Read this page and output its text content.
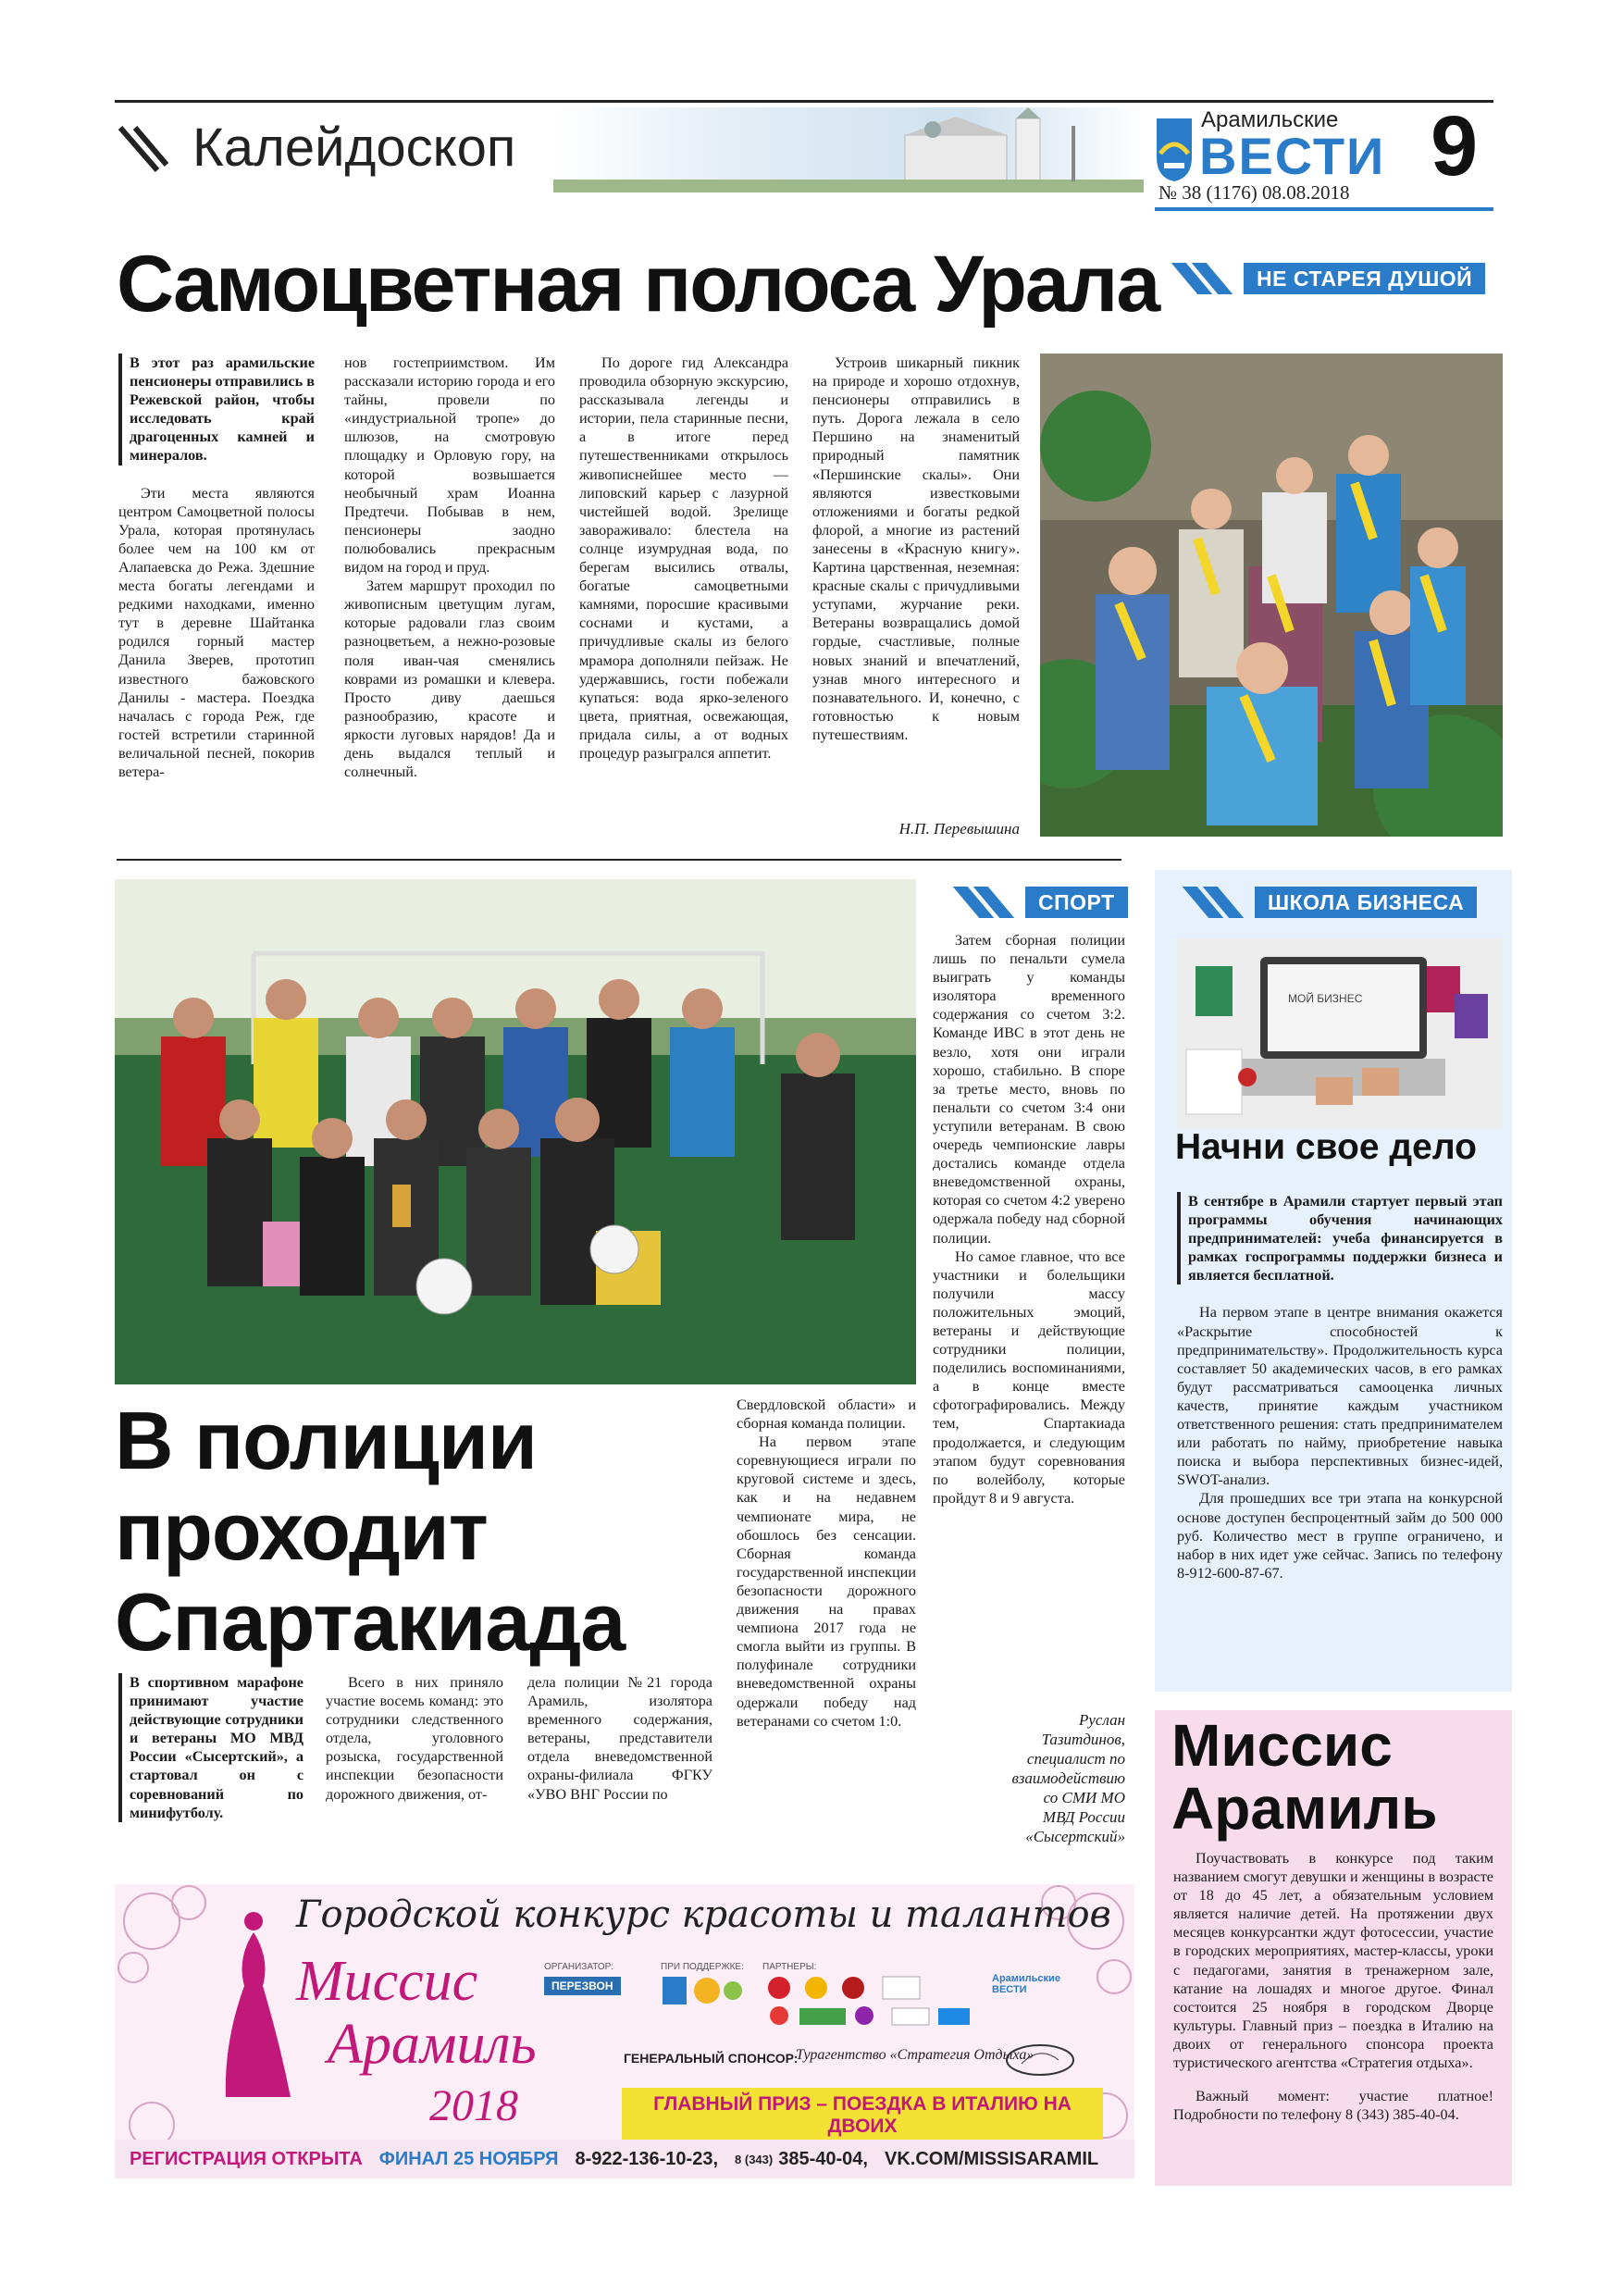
Калейдоскоп	Арамильские
ВЕСТИ 9
№ 38 (1176) 08.08.2018
Самоцветная полоса Урала	НЕ СТАРЕЯ ДУШОЙ

В этот раз арамильские пенсионеры отправились в Режевской район, чтобы исследовать край драгоценных камней и минералов.

Эти места являются центром Самоцветной полосы Урала, которая протянулась более чем на 100 км от Алапаевска до Режа. Здешние места богаты легендами и редкими находками, именно тут в деревне Шайтанка родился горный мастер Данила Зверев, прототип известного бажовского Данилы - мастера. Поездка началась с города Реж, где гостей встретили старинной величальной песней, покорив ветера-

нов гостеприимством. Им рассказали историю города и его тайны, провели по «индустриальной тропе» до шлюзов, на смотровую площадку и Орловую гору, на которой возвышается необычный храм Иоанна Предтечи. Побывав в нем, пенсионеры заодно полюбовались прекрасным видом на город и пруд.

Затем маршрут проходил по живописным цветущим лугам, которые радовали глаз своим разноцветьем, а нежно-розовые поля иван-чая сменялись коврами из ромашки и клевера. Просто диву даешься разнообразию, красоте и яркости луговых нарядов! Да и день выдался теплый и солнечный.

По дороге гид Александра проводила обзорную экскурсию, рассказывала легенды и истории, пела старинные песни, а в итоге перед путешественниками открылось живописнейшее место — липовский карьер с лазурной чистейшей водой. Зрелище завораживало: блестела на солнце изумрудная вода, по берегам высились отвалы, богатые самоцветными камнями, поросшие красивыми соснами и кустами, а причудливые скалы из белого мрамора дополняли пейзаж. Не удержавшись, гости побежали купаться: вода ярко-зеленого цвета, приятная, освежающая, придала силы, а от водных процедур разыгрался аппетит.

Устроив шикарный пикник на природе и хорошо отдохнув, пенсионеры отправились в путь. Дорога лежала в село Першино на знаменитый природный памятник «Першинские скалы». Они являются известковыми отложениями и богаты редкой флорой, а многие из растений занесены в «Красную книгу». Картина царственная, неземная: красные скалы с причудливыми уступами, журчание реки. Ветераны возвращались домой гордые, счастливые, полные новых знаний и впечатлений, узнав много интересного и познавательного. И, конечно, с готовностью к новым путешествиям.

Н.П. Перевышина
СПОРТ

Затем сборная полиции лишь по пенальти сумела выиграть у команды изолятора временного содержания со счетом 3:2. Команде ИВС в этот день не везло, хотя они играли хорошо, стабильно. В споре за третье место, вновь по пенальти со счетом 3:4 они уступили ветеранам. В свою очередь чемпионские лавры достались команде отдела вневедомственной охраны, которая со счетом 4:2 уверено одержала победу над сборной полиции.

Но самое главное, что все участники и болельщики получили массу положительных эмоций, ветераны и действующие сотрудники полиции, поделились воспоминаниями, а в конце вместе сфотографировались. Между тем, Спартакиада продолжается, и следующим этапом будут соревнования по волейболу, которые пройдут 8 и 9 августа.

В полиции
проходит
Спартакиада

Свердловской области» и сборная команда полиции.

На первом этапе соревнующиеся играли по круговой системе и здесь, как и на недавнем чемпионате мира, не обошлось без сенсации. Сборная команда государственной инспекции безопасности дорожного движения на правах чемпиона 2017 года не смогла выйти из группы. В полуфинале сотрудники вневедомственной охраны одержали победу над ветеранами со счетом 1:0.

В спортивном марафоне принимают участие действующие сотрудники и ветераны МО МВД России «Сысертский», а стартовал он с соревнований по минифутболу.

Всего в них приняло участие восемь команд: это сотрудники следственного отдела, уголовного розыска, государственной инспекции безопасности дорожного движения, от-

дела полиции №21 города Арамиль, изолятора временного содержания, ветераны, представители отдела вневедомственной охраны-филиала ФГКУ «УВО ВНГ России по

Руслан
Тазитдинов,
специалист по
взаимодействию
со СМИ МО
МВД России
«Сысертский»
ШКОЛА БИЗНЕСА
МОЙ БИЗНЕС
Начни свое дело

В сентябре в Арамили стартует первый этап программы обучения начинающих предпринимателей: учеба финансируется в рамках госпрограммы поддержки бизнеса и является бесплатной.

На первом этапе в центре внимания окажется «Раскрытие способностей к предпринимательству». Продолжительность курса составляет 50 академических часов, в его рамках будут рассматриваться самооценка личных качеств, принятие каждым участником ответственного решения: стать предпринимателем или работать по найму, приобретение навыка поиска и выбора перспективных бизнес-идей, SWOT-анализ.

Для прошедших все три этапа на конкурсной основе доступен беспроцентный займ до 500 000 руб. Количество мест в группе ограничено, и набор в них идет уже сейчас. Запись по телефону 8-912-600-87-67.

Миссис
Арамиль

Поучаствовать в конкурсе под таким названием смогут девушки и женщины в возрасте от 18 до 45 лет, а обязательным условием является наличие детей. На протяжении двух месяцев конкурсантки ждут фотосессии, участие в городских мероприятиях, мастер-классы, уроки с педагогами, занятия в тренажерном зале, катание на лошадях и многое другое. Финал состоится 25 ноября в городском Дворце культуры. Главный приз – поездка в Италию на двоих от генерального спонсора проекта туристического агентства «Стратегия отдыха».

Важный момент: участие платное! Подробности по телефону 8 (343) 385-40-04.

Городской конкурс красоты и талантов
Миссис
Арамиль
2018
ОРГАНИЗАТОР:
ПЕРЕЗВОН
ПРИ ПОДДЕРЖКЕ: ПАРТНЕРЫ:
Арамильские ВЕСТИ
ГЕНЕРАЛЬНЫЙ СПОНСОР:
Турагентство «Стратегия Отдыха»
ГЛАВНЫЙ ПРИЗ – ПОЕЗДКА В ИТАЛИЮ НА ДВОИХ
РЕГИСТРАЦИЯ ОТКРЫТА ФИНАЛ 25 НОЯБРЯ 8-922-136-10-23, 8 (343) 385-40-04, VK.COM/MISSISARAMIL
